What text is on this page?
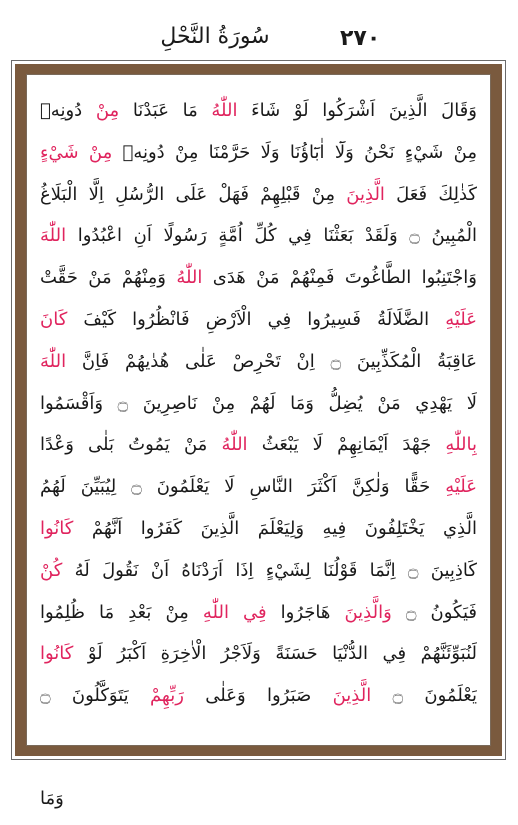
٢٧٠
سُورَةُ النَّحْلِ
وَقَالَ الَّذِينَ اَشْرَكُوا لَوْ شَاءَ اللّٰهُ مَا عَبَدْنَا مِنْ دُونِهٖ
مِنْ شَيْءٍ نَحْنُ وَلَٓا اٰبَٓاؤُنَا وَلَا حَرَّمْنَا مِنْ دُونِهٖ مِنْ شَيْءٍ
كَذٰلِكَ فَعَلَ الَّذِينَ مِنْ قَبْلِهِمْ فَهَلْ عَلَى الرُّسُلِ اِلَّا الْبَلَاغُ
الْمُبِينُ ۝ وَلَقَدْ بَعَثْنَا فِي كُلِّ اُمَّةٍ رَسُولًا اَنِ اعْبُدُوا اللّٰهَ
وَاجْتَنِبُوا الطَّاغُوتَ فَمِنْهُمْ مَنْ هَدَى اللّٰهُ وَمِنْهُمْ مَنْ حَقَّتْ
عَلَيْهِ الضَّلَالَةُ فَسِيرُوا فِي الْاَرْضِ فَانْظُرُوا كَيْفَ كَانَ
عَاقِبَةُ الْمُكَذِّبِينَ ۝ اِنْ تَحْرِصْ عَلٰى هُدٰيهُمْ فَاِنَّ اللّٰهَ
لَا يَهْدِي مَنْ يُضِلُّ وَمَا لَهُمْ مِنْ نَاصِرِينَ ۝ وَاَقْسَمُوا
بِاللّٰهِ جَهْدَ اَيْمَانِهِمْ لَا يَبْعَثُ اللّٰهُ مَنْ يَمُوتُ بَلٰى وَعْدًا
عَلَيْهِ حَقًّا وَلٰكِنَّ اَكْثَرَ النَّاسِ لَا يَعْلَمُونَ ۝ لِيُبَيِّنَ لَهُمُ
الَّذِي يَخْتَلِفُونَ فِيهِ وَلِيَعْلَمَ الَّذِينَ كَفَرُوا اَنَّهُمْ كَانُوا
كَاذِبِينَ ۝ اِنَّمَا قَوْلُنَا لِشَيْءٍ اِذَا اَرَدْنَاهُ اَنْ نَقُولَ لَهُ كُنْ
فَيَكُونُ ۝ وَالَّذِينَ هَاجَرُوا فِي اللّٰهِ مِنْ بَعْدِ مَا ظُلِمُوا
لَنُبَوِّئَنَّهُمْ فِي الدُّنْيَا حَسَنَةً وَلَاَجْرُ الْاٰخِرَةِ اَكْبَرُ لَوْ كَانُوا
يَعْلَمُونَ ۝ الَّذِينَ صَبَرُوا وَعَلٰى رَبِّهِمْ يَتَوَكَّلُونَ ۝
وَمَا
